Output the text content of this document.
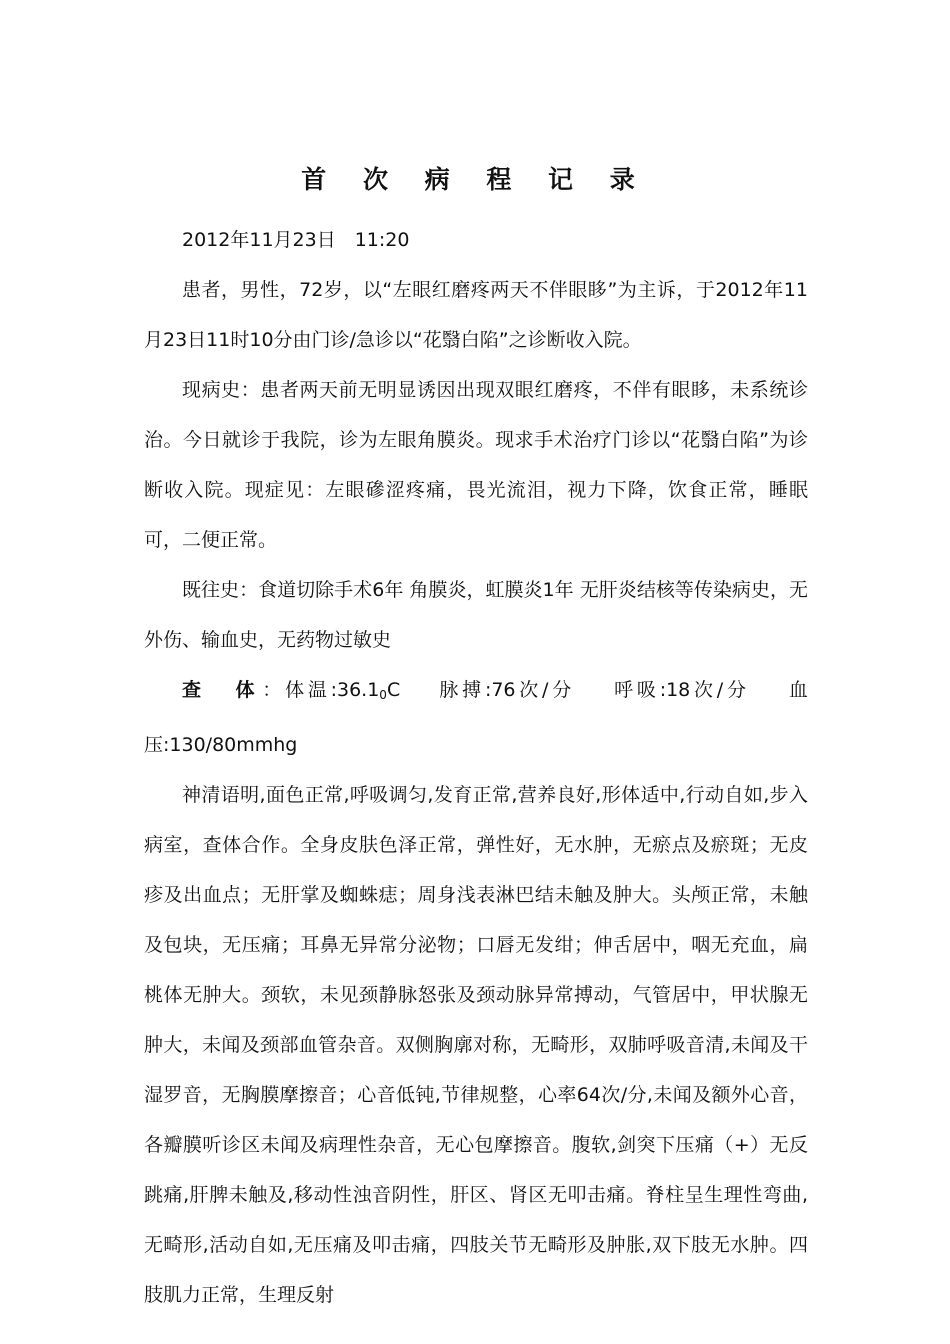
首 次 病 程 记 录

2012年11月23日　11:20

患者，男性，72岁，以“左眼红磨疼两天不伴眼眵”为主诉，于2012年11月23日11时10分由门诊/急诊以“花翳白陷”之诊断收入院。

现病史：患者两天前无明显诱因出现双眼红磨疼，不伴有眼眵，未系统诊治。今日就诊于我院，诊为左眼角膜炎。现求手术治疗门诊以“花翳白陷”为诊断收入院。现症见：左眼磣涩疼痛，畏光流泪，视力下降，饮食正常，睡眠可，二便正常。

既往史：食道切除手术6年 角膜炎，虹膜炎1年 无肝炎结核等传染病史，无外伤、输血史，无药物过敏史

查　体：体温$:36.1_0C$ 脉搏:76次/分 呼吸:18次/分 血压:130/80mmhg

神清语明,面色正常,呼吸调匀,发育正常,营养良好,形体适中,行动自如,步入病室，查体合作。全身皮肤色泽正常，弹性好，无水肿，无瘀点及瘀斑；无皮疹及出血点；无肝掌及蜘蛛痣；周身浅表淋巴结未触及肿大。头颅正常，未触及包块，无压痛；耳鼻无异常分泌物；口唇无发绀；伸舌居中，咽无充血，扁桃体无肿大。颈软，未见颈静脉怒张及颈动脉异常搏动，气管居中，甲状腺无肿大，未闻及颈部血管杂音。双侧胸廓对称，无畸形，双肺呼吸音清,未闻及干湿罗音，无胸膜摩擦音；心音低钝,节律规整，心率64次/分,未闻及额外心音，各瓣膜听诊区未闻及病理性杂音，无心包摩擦音。腹软,剑突下压痛（+）无反跳痛,肝脾未触及,移动性浊音阴性，肝区、肾区无叩击痛。脊柱呈生理性弯曲,无畸形,活动自如,无压痛及叩击痛，四肢关节无畸形及肿胀,双下肢无水肿。四肢肌力正常，生理反射
